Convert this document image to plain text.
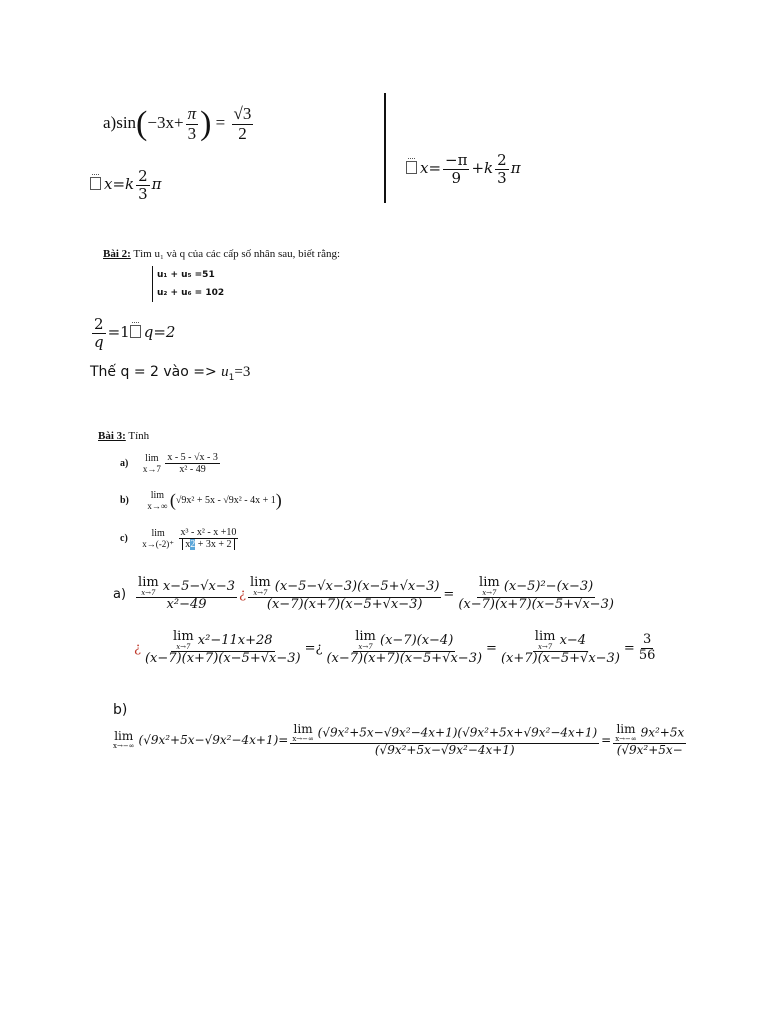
$a)\sin(-3x+ \frac{\pi}{3}$ ) = $\frac{√3}{2}$
$x=k \frac{2}{3}$ π
$x= \frac{-\pi}{9} +k \frac{2}{3}$ π
Bài 2: Tìm u₁ và q của các cấp số nhân sau, biết rằng:
u₁ + u₅ =51
u₂ + u₆ = 102
$\frac{2}{q} =1$ q=2
Thế q = 2 vào => $u_1=3$
Bài 3: Tính
a) lim
x→7
$\frac{x - 5 - √x - 3}{\text{x² - 49}}$
b) lim
x→∞ (√9x² + 5x - √9x² - 4x + 1)
c) lim
x→(-2)⁺
$\frac{\text{x³ - x² - x +10}}{x2 + 3x + 2}$
a) lim
x→7 x−5−√x−3
x²−49 ¿ lim
x→7 (x−5−√x−3)(x−5+√x−3)
(x−7)(x+7)(x−5+√x−3) = lim
x→7 (x−5)²−(x−3)
(x−7)(x+7)(x−5+√x−3)
¿ lim
x→7 x²−11x+28
(x−7)(x+7)(x−5+√x−3) =¿ lim
x→7 (x−7)(x−4)
(x−7)(x+7)(x−5+√x−3) = lim
x→7 x−4
$(x+7)(x-5+√x-3) = \frac{3}{56}$
b)
lim
x→−∞ (√9x²+5x−√9x²−4x+1) = lim
x→−∞ (√9x²+5x−√9x²−4x+1)(√9x²+5x+√9x²−4x+1)
(√9x²+5x−√9x²−4x+1) = lim
x→−∞ 9x²+5x
(√9x²+5x−
